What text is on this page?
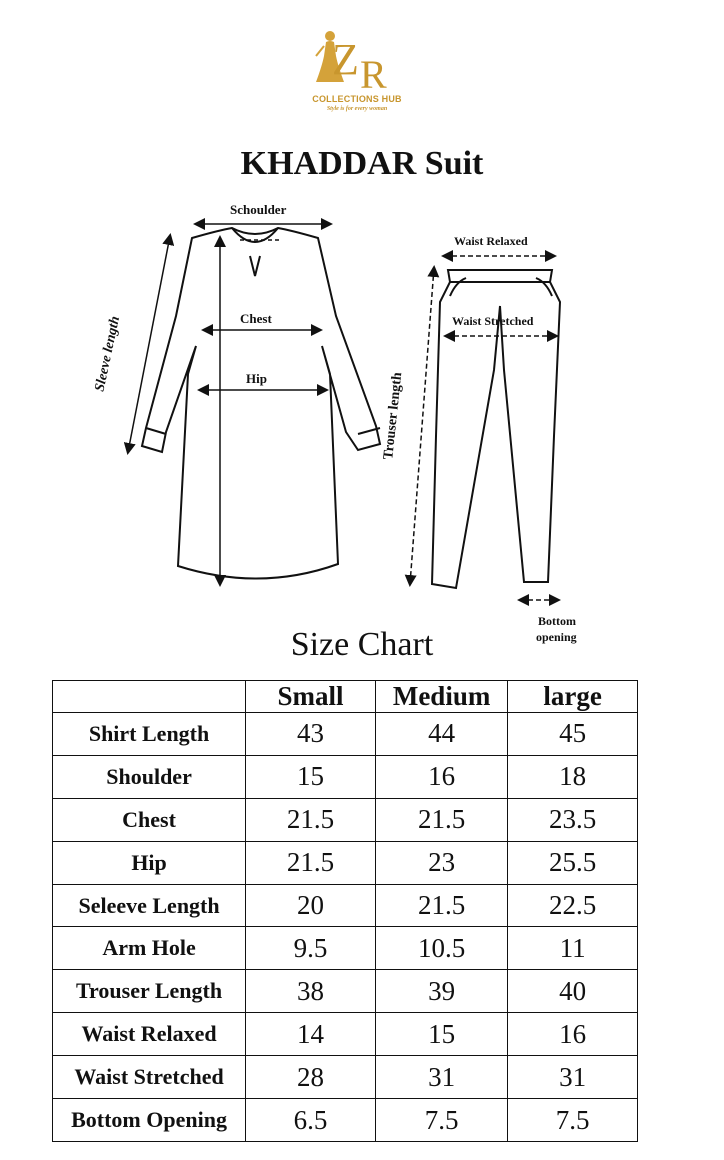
Z R
COLLECTIONS HUB
Style is for every woman
KHADDAR Suit
Schoulder
Chest
Hip
Sleeve length
Waist Relaxed
Waist Stretched
Trouser length
Bottom
opening
Size Chart
	Small	Medium	large
Shirt Length	43	44	45
Shoulder	15	16	18
Chest	21.5	21.5	23.5
Hip	21.5	23	25.5
Seleeve Length	20	21.5	22.5
Arm Hole	9.5	10.5	11
Trouser Length	38	39	40
Waist Relaxed	14	15	16
Waist Stretched	28	31	31
Bottom Opening	6.5	7.5	7.5
